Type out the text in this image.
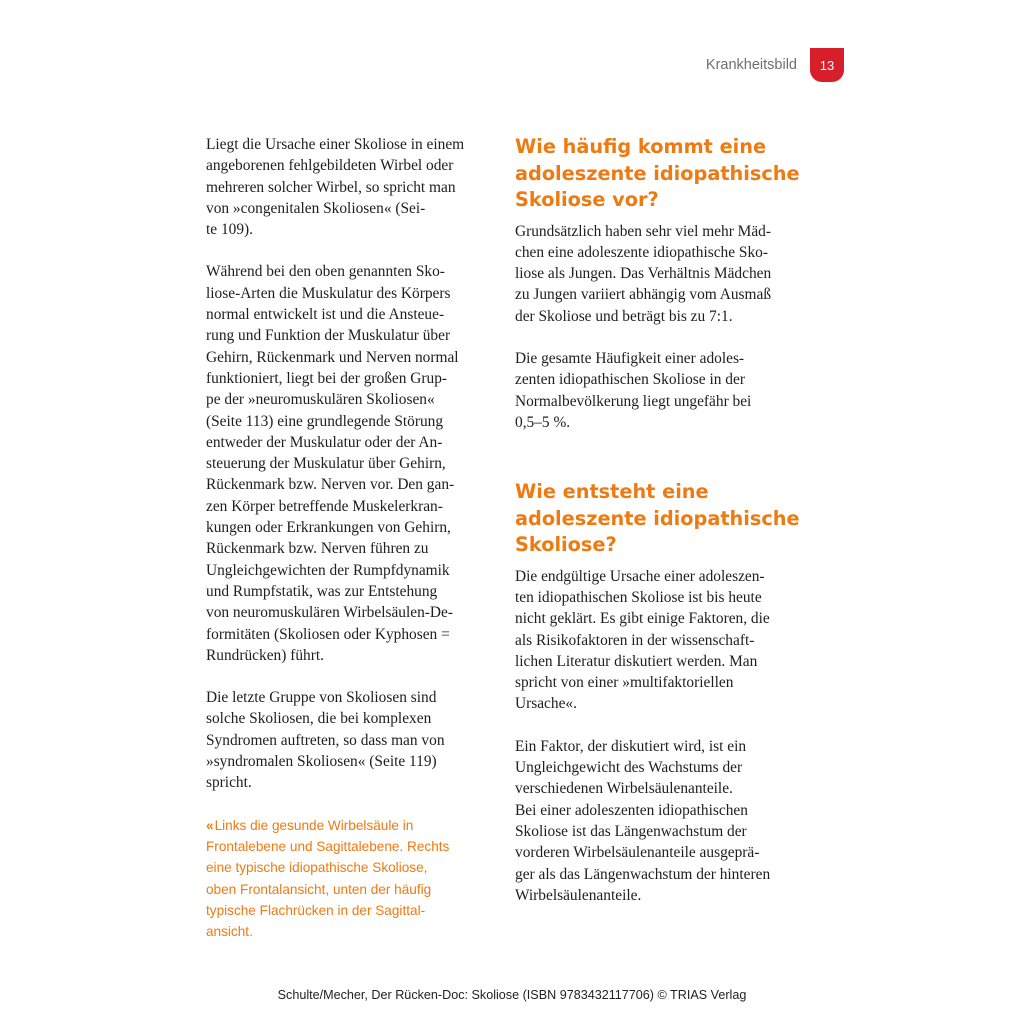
Krankheitsbild 13

Liegt die Ursache einer Skoliose in einem

angeborenen fehlgebildeten Wirbel oder

mehreren solcher Wirbel, so spricht man

von »congenitalen Skoliosen« (Sei-

te 109).

Während bei den oben genannten Sko-

liose-Arten die Muskulatur des Körpers

normal entwickelt ist und die Ansteue-

rung und Funktion der Muskulatur über

Gehirn, Rückenmark und Nerven normal

funktioniert, liegt bei der großen Grup-

pe der »neuromuskulären Skoliosen«

(Seite 113) eine grundlegende Störung

entweder der Muskulatur oder der An-

steuerung der Muskulatur über Gehirn,

Rückenmark bzw. Nerven vor. Den gan-

zen Körper betreffende Muskelerkran-

kungen oder Erkrankungen von Gehirn,

Rückenmark bzw. Nerven führen zu

Ungleichgewichten der Rumpfdynamik

und Rumpfstatik, was zur Entstehung

von neuromuskulären Wirbelsäulen-De-

formitäten (Skoliosen oder Kyphosen =

Rundrücken) führt.

Die letzte Gruppe von Skoliosen sind

solche Skoliosen, die bei komplexen

Syndromen auftreten, so dass man von

»syndromalen Skoliosen« (Seite 119)

spricht.

« Links die gesunde Wirbelsäule in

Frontalebene und Sagittalebene. Rechts

eine typische idiopathische Skoliose,

oben Frontalansicht, unten der häufig

typische Flachrücken in der Sagittal-

ansicht.

Wie häufig kommt eine
adoleszente idiopathische
Skoliose vor?

Grundsätzlich haben sehr viel mehr Mäd-

chen eine adoleszente idiopathische Sko-

liose als Jungen. Das Verhältnis Mädchen

zu Jungen variiert abhängig vom Ausmaß

der Skoliose und beträgt bis zu 7:1.

Die gesamte Häufigkeit einer adoles-

zenten idiopathischen Skoliose in der

Normalbevölkerung liegt ungefähr bei

0,5–5 %.

Wie entsteht eine
adoleszente idiopathische
Skoliose?

Die endgültige Ursache einer adoleszen-

ten idiopathischen Skoliose ist bis heute

nicht geklärt. Es gibt einige Faktoren, die

als Risikofaktoren in der wissenschaft-

lichen Literatur diskutiert werden. Man

spricht von einer »multifaktoriellen

Ursache«.

Ein Faktor, der diskutiert wird, ist ein

Ungleichgewicht des Wachstums der

verschiedenen Wirbelsäulenanteile.

Bei einer adoleszenten idiopathischen

Skoliose ist das Längenwachstum der

vorderen Wirbelsäulenanteile ausgeprä-

ger als das Längenwachstum der hinteren

Wirbelsäulenanteile.

Schulte/Mecher, Der Rücken-Doc: Skoliose (ISBN 9783432117706) © TRIAS Verlag
